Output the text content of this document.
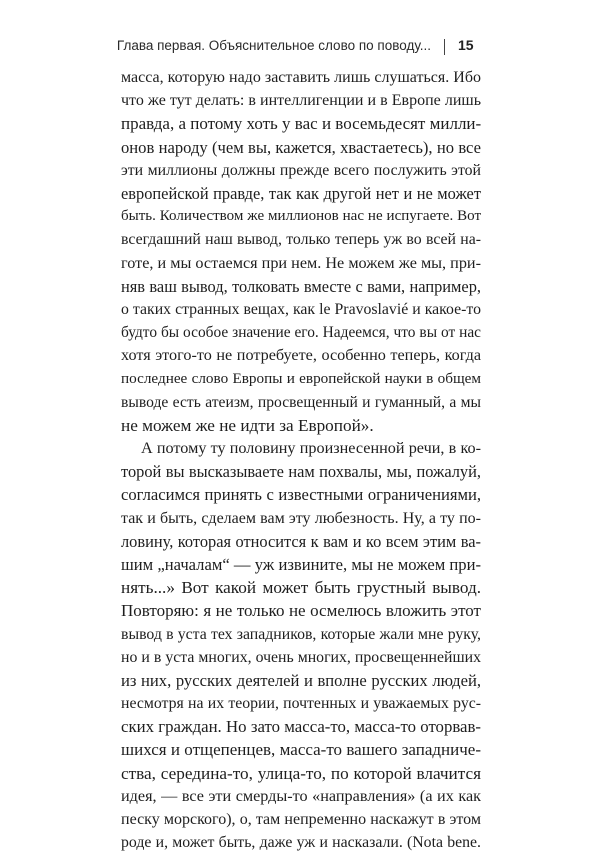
Глава первая. Объяснительное слово по поводу... 15
масса, которую надо заставить лишь слушаться. Ибо
что же тут делать: в интеллигенции и в Европе лишь
правда, а потому хоть у вас и восемьдесят милли-
онов народу (чем вы, кажется, хвастаетесь), но все
эти миллионы должны прежде всего послужить этой
европейской правде, так как другой нет и не может
быть. Количеством же миллионов нас не испугаете. Вот
всегдашний наш вывод, только теперь уж во всей на-
готе, и мы остаемся при нем. Не можем же мы, при-
няв ваш вывод, толковать вместе с вами, например,
о таких странных вещах, как le Pravoslavié и какое-то
будто бы особое значение его. Надеемся, что вы от нас
хотя этого-то не потребуете, особенно теперь, когда
последнее слово Европы и европейской науки в общем
выводе есть атеизм, просвещенный и гуманный, а мы
не можем же не идти за Европой».
А потому ту половину произнесенной речи, в ко-
торой вы высказываете нам похвалы, мы, пожалуй,
согласимся принять с известными ограничениями,
так и быть, сделаем вам эту любезность. Ну, а ту по-
ловину, которая относится к вам и ко всем этим ва-
шим „началам“ — уж извините, мы не можем при-
нять...» Вот какой может быть грустный вывод.
Повторяю: я не только не осмелюсь вложить этот
вывод в уста тех западников, которые жали мне руку,
но и в уста многих, очень многих, просвещеннейших
из них, русских деятелей и вполне русских людей,
несмотря на их теории, почтенных и уважаемых рус-
ских граждан. Но зато масса-то, масса-то оторвав-
шихся и отщепенцев, масса-то вашего западниче-
ства, середина-то, улица-то, по которой влачится
идея, — все эти смерды-то «направления» (а их как
песку морского), о, там непременно наскажут в этом
роде и, может быть, даже уж и насказали. (Nota bene.
